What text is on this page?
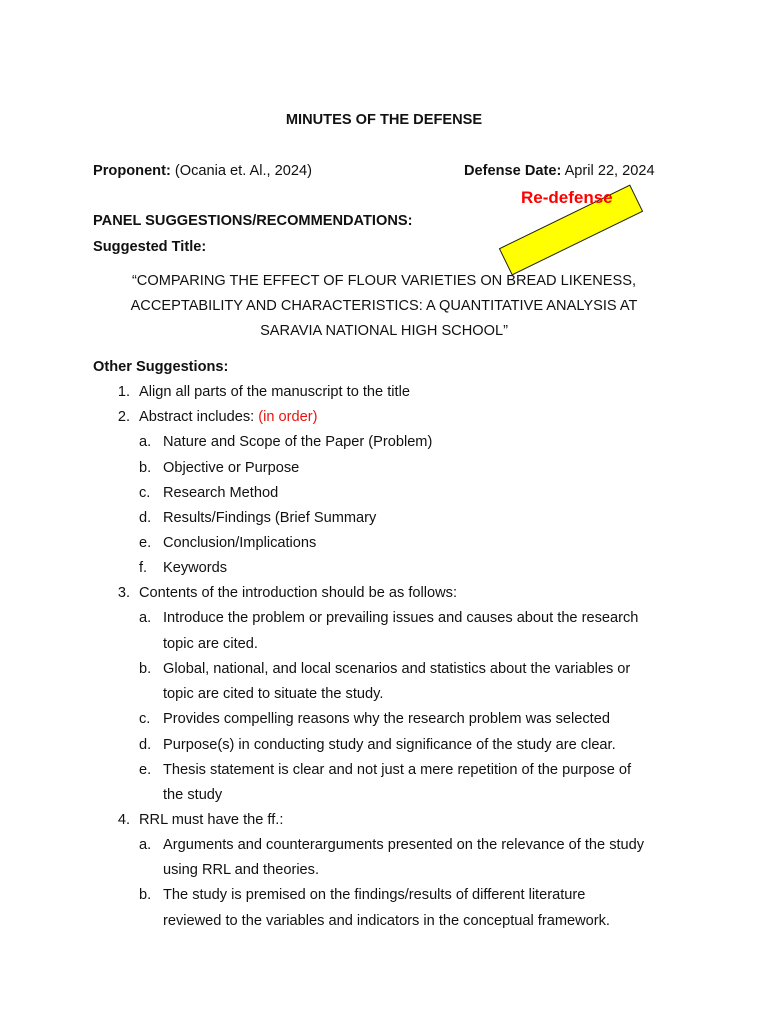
MINUTES OF THE DEFENSE
Proponent: (Ocania et. Al., 2024)	Defense Date: April 22, 2024
Re-defense
PANEL SUGGESTIONS/RECOMMENDATIONS:
Suggested Title:
“COMPARING THE EFFECT OF FLOUR VARIETIES ON BREAD LIKENESS,
ACCEPTABILITY AND CHARACTERISTICS: A QUANTITATIVE ANALYSIS AT
SARAVIA NATIONAL HIGH SCHOOL”
Other Suggestions:
1. Align all parts of the manuscript to the title
2. Abstract includes: (in order)
a. Nature and Scope of the Paper (Problem)
b. Objective or Purpose
c. Research Method
d. Results/Findings (Brief Summary
e. Conclusion/Implications
f. Keywords
3. Contents of the introduction should be as follows:
a. Introduce the problem or prevailing issues and causes about the research
topic are cited.
b. Global, national, and local scenarios and statistics about the variables or
topic are cited to situate the study.
c. Provides compelling reasons why the research problem was selected
d. Purpose(s) in conducting study and significance of the study are clear.
e. Thesis statement is clear and not just a mere repetition of the purpose of
the study
4. RRL must have the ff.:
a. Arguments and counterarguments presented on the relevance of the study
using RRL and theories.
b. The study is premised on the findings/results of different literature
reviewed to the variables and indicators in the conceptual framework.
